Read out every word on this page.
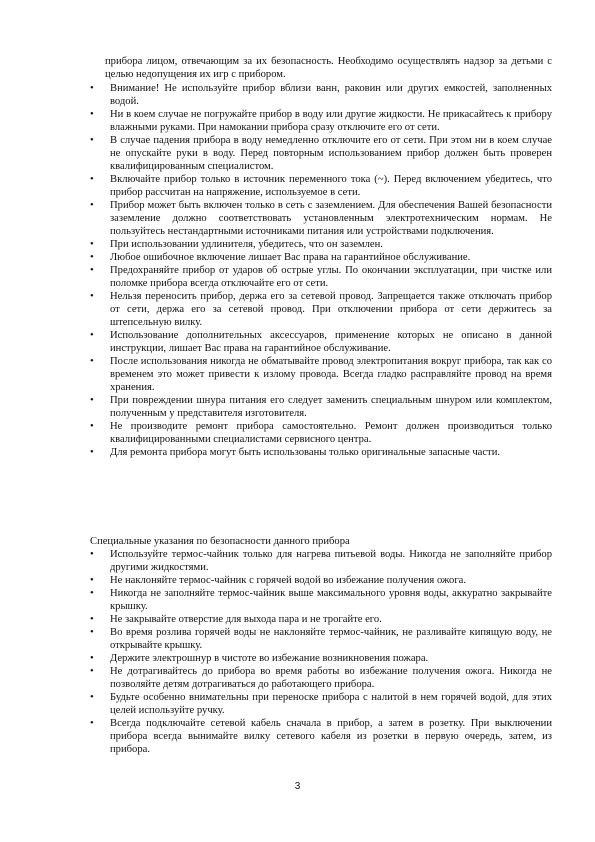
прибора лицом, отвечающим за их безопасность. Необходимо осуществлять надзор за детьми с целью недопущения их игр с прибором.

• Внимание! Не используйте прибор вблизи ванн, раковин или других емкостей, заполненных водой.
• Ни в коем случае не погружайте прибор в воду или другие жидкости. Не прикасайтесь к прибору влажными руками. При намокании прибора сразу отключите его от сети.
• В случае падения прибора в воду немедленно отключите его от сети. При этом ни в коем случае не опускайте руки в воду. Перед повторным использованием прибор должен быть проверен квалифицированным специалистом.
• Включайте прибор только в источник переменного тока (~). Перед включением убедитесь, что прибор рассчитан на напряжение, используемое в сети.
• Прибор может быть включен только в сеть с заземлением. Для обеспечения Вашей безопасности заземление должно соответствовать установленным электротехническим нормам. Не пользуйтесь нестандартными источниками питания или устройствами подключения.
• При использовании удлинителя, убедитесь, что он заземлен.
• Любое ошибочное включение лишает Вас права на гарантийное обслуживание.
• Предохраняйте прибор от ударов об острые углы. По окончании эксплуатации, при чистке или поломке прибора всегда отключайте его от сети.
• Нельзя переносить прибор, держа его за сетевой провод. Запрещается также отключать прибор от сети, держа его за сетевой провод. При отключении прибора от сети держитесь за штепсельную вилку.
• Использование дополнительных аксессуаров, применение которых не описано в данной инструкции, лишает Вас права на гарантийное обслуживание.
• После использования никогда не обматывайте провод электропитания вокруг прибора, так как со временем это может привести к излому провода. Всегда гладко расправляйте провод на время хранения.
• При повреждении шнура питания его следует заменить специальным шнуром или комплектом, полученным у представителя изготовителя.
• Не производите ремонт прибора самостоятельно. Ремонт должен производиться только квалифицированными специалистами сервисного центра.
• Для ремонта прибора могут быть использованы только оригинальные запасные части.
Специальные указания по безопасности данного прибора
• Используйте термос-чайник только для нагрева питьевой воды. Никогда не заполняйте прибор другими жидкостями.
• Не наклоняйте термос-чайник с горячей водой во избежание получения ожога.
• Никогда не заполняйте термос-чайник выше максимального уровня воды, аккуратно закрывайте крышку.
• Не закрывайте отверстие для выхода пара и не трогайте его.
• Во время розлива горячей воды не наклоняйте термос-чайник, не разливайте кипящую воду, не открывайте крышку.
• Держите электрошнур в чистоте во избежание возникновения пожара.
• Не дотрагивайтесь до прибора во время работы во избежание получения ожога. Никогда не позволяйте детям дотрагиваться до работающего прибора.
• Будьте особенно внимательны при переноске прибора с налитой в нем горячей водой, для этих целей используйте ручку.
• Всегда подключайте сетевой кабель сначала в прибор, а затем в розетку. При выключении прибора всегда вынимайте вилку сетевого кабеля из розетки в первую очередь, затем, из прибора.
3
